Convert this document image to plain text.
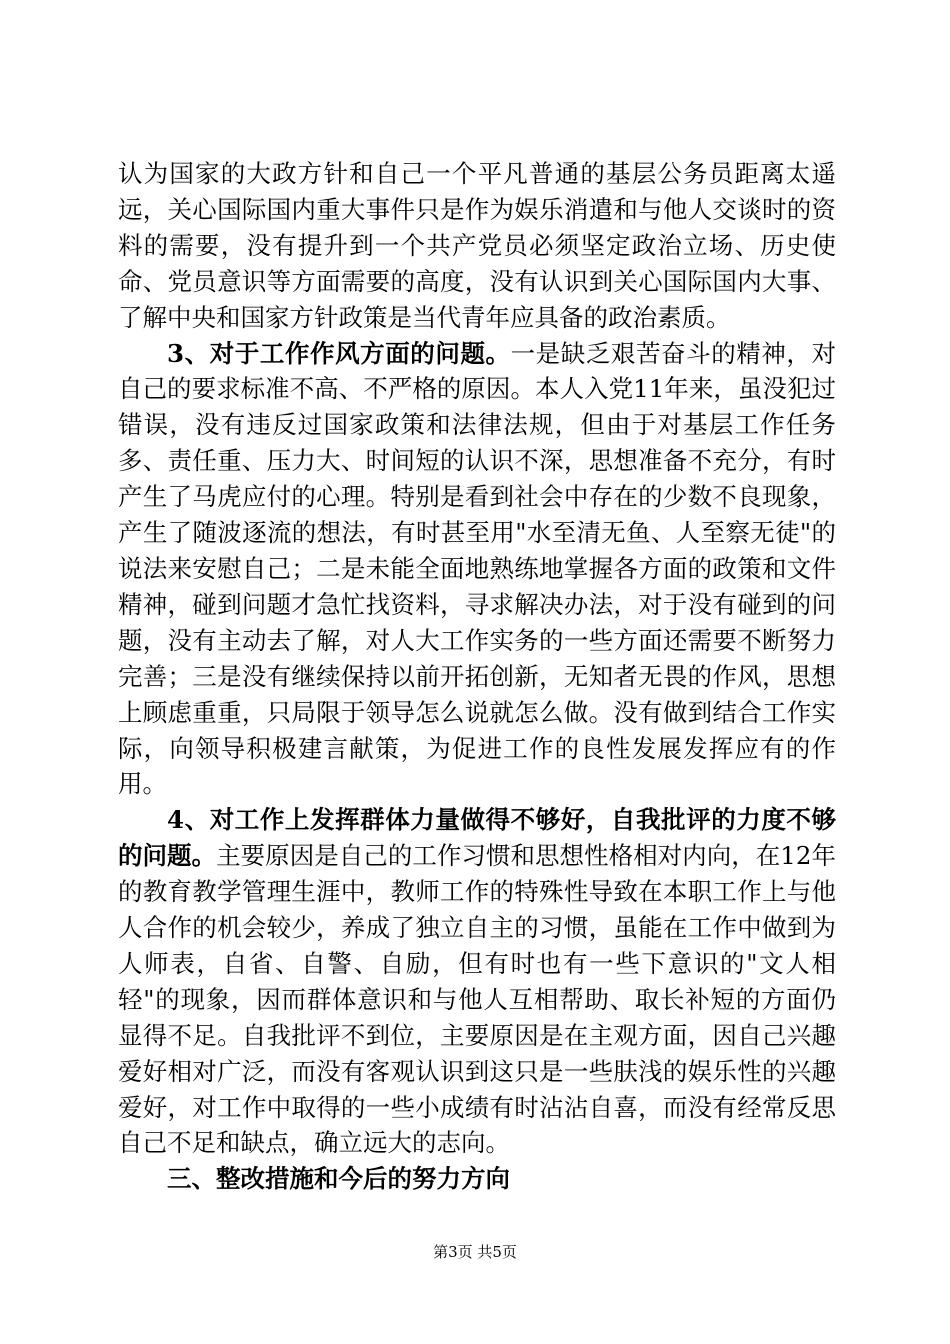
认为国家的大政方针和自己一个平凡普通的基层公务员距离太遥远，关心国际国内重大事件只是作为娱乐消遣和与他人交谈时的资料的需要，没有提升到一个共产党员必须坚定政治立场、历史使命、党员意识等方面需要的高度，没有认识到关心国际国内大事、了解中央和国家方针政策是当代青年应具备的政治素质。

3、对于工作作风方面的问题。一是缺乏艰苦奋斗的精神，对自己的要求标准不高、不严格的原因。本人入党11年来，虽没犯过错误，没有违反过国家政策和法律法规，但由于对基层工作任务多、责任重、压力大、时间短的认识不深，思想准备不充分，有时产生了马虎应付的心理。特别是看到社会中存在的少数不良现象，产生了随波逐流的想法，有时甚至用"水至清无鱼、人至察无徒"的说法来安慰自己；二是未能全面地熟练地掌握各方面的政策和文件精神，碰到问题才急忙找资料，寻求解决办法，对于没有碰到的问题，没有主动去了解，对人大工作实务的一些方面还需要不断努力完善；三是没有继续保持以前开拓创新，无知者无畏的作风，思想上顾虑重重，只局限于领导怎么说就怎么做。没有做到结合工作实际，向领导积极建言献策，为促进工作的良性发展发挥应有的作用。

4、对工作上发挥群体力量做得不够好，自我批评的力度不够的问题。主要原因是自己的工作习惯和思想性格相对内向，在12年的教育教学管理生涯中，教师工作的特殊性导致在本职工作上与他人合作的机会较少，养成了独立自主的习惯，虽能在工作中做到为人师表，自省、自警、自励，但有时也有一些下意识的"文人相轻"的现象，因而群体意识和与他人互相帮助、取长补短的方面仍显得不足。自我批评不到位，主要原因是在主观方面，因自己兴趣爱好相对广泛，而没有客观认识到这只是一些肤浅的娱乐性的兴趣爱好，对工作中取得的一些小成绩有时沾沾自喜，而没有经常反思自己不足和缺点，确立远大的志向。

三、整改措施和今后的努力方向

第3页 共5页
